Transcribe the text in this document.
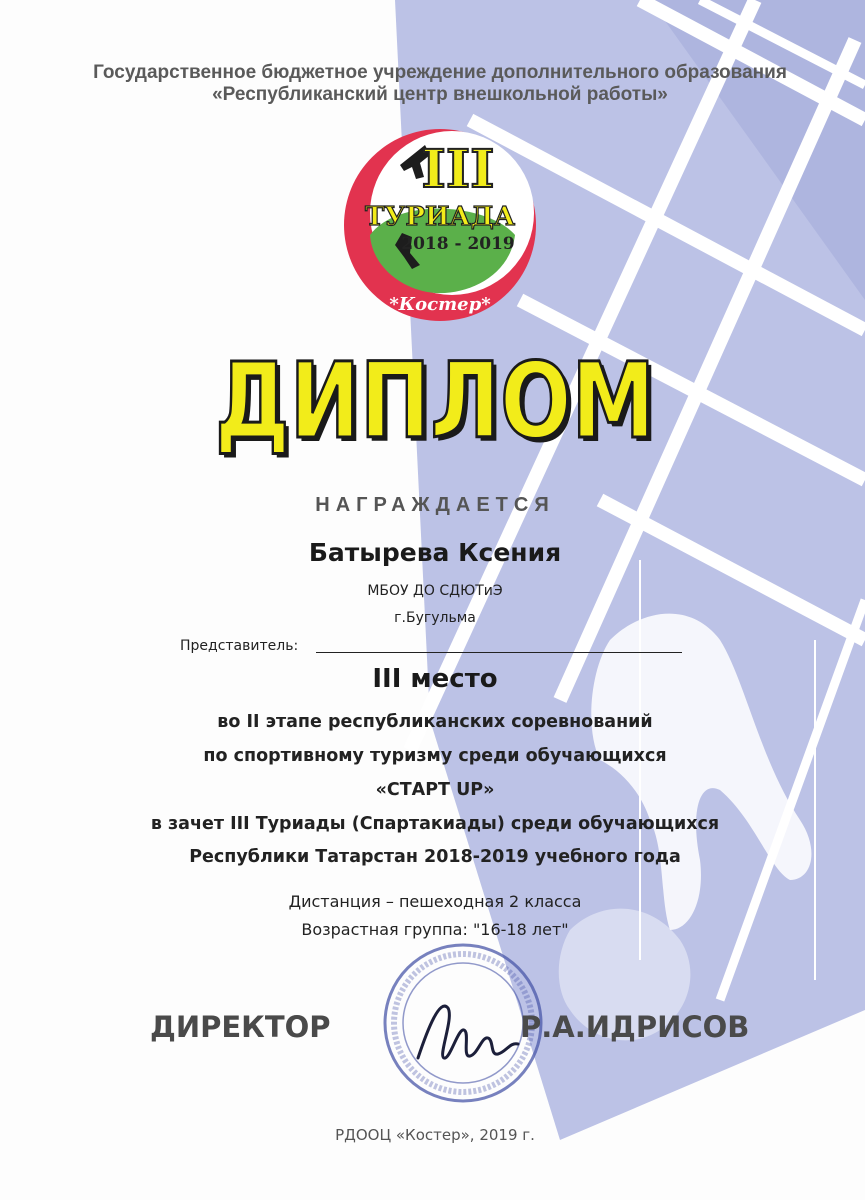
Государственное бюджетное учреждение дополнительного образования
«Республиканский центр внешкольной работы»
III
ТУРИАДА
2018 - 2019
*Костер*
ДИПЛОМ
ДИПЛОМ
НАГРАЖДАЕТСЯ
Батырева Ксения
МБОУ ДО СДЮТиЭ
г.Бугульма
Представитель:
III место
во II этапе республиканских соревнований
по спортивному туризму среди обучающихся
«СТАРТ UP»
в зачет III Туриады (Спартакиады) среди обучающихся
Республики Татарстан 2018-2019 учебного года
Дистанция – пешеходная 2 класса
Возрастная группа: "16-18 лет"
ДИРЕКТОР	Р.А.ИДРИСОВ
РДООЦ «Костер», 2019 г.
